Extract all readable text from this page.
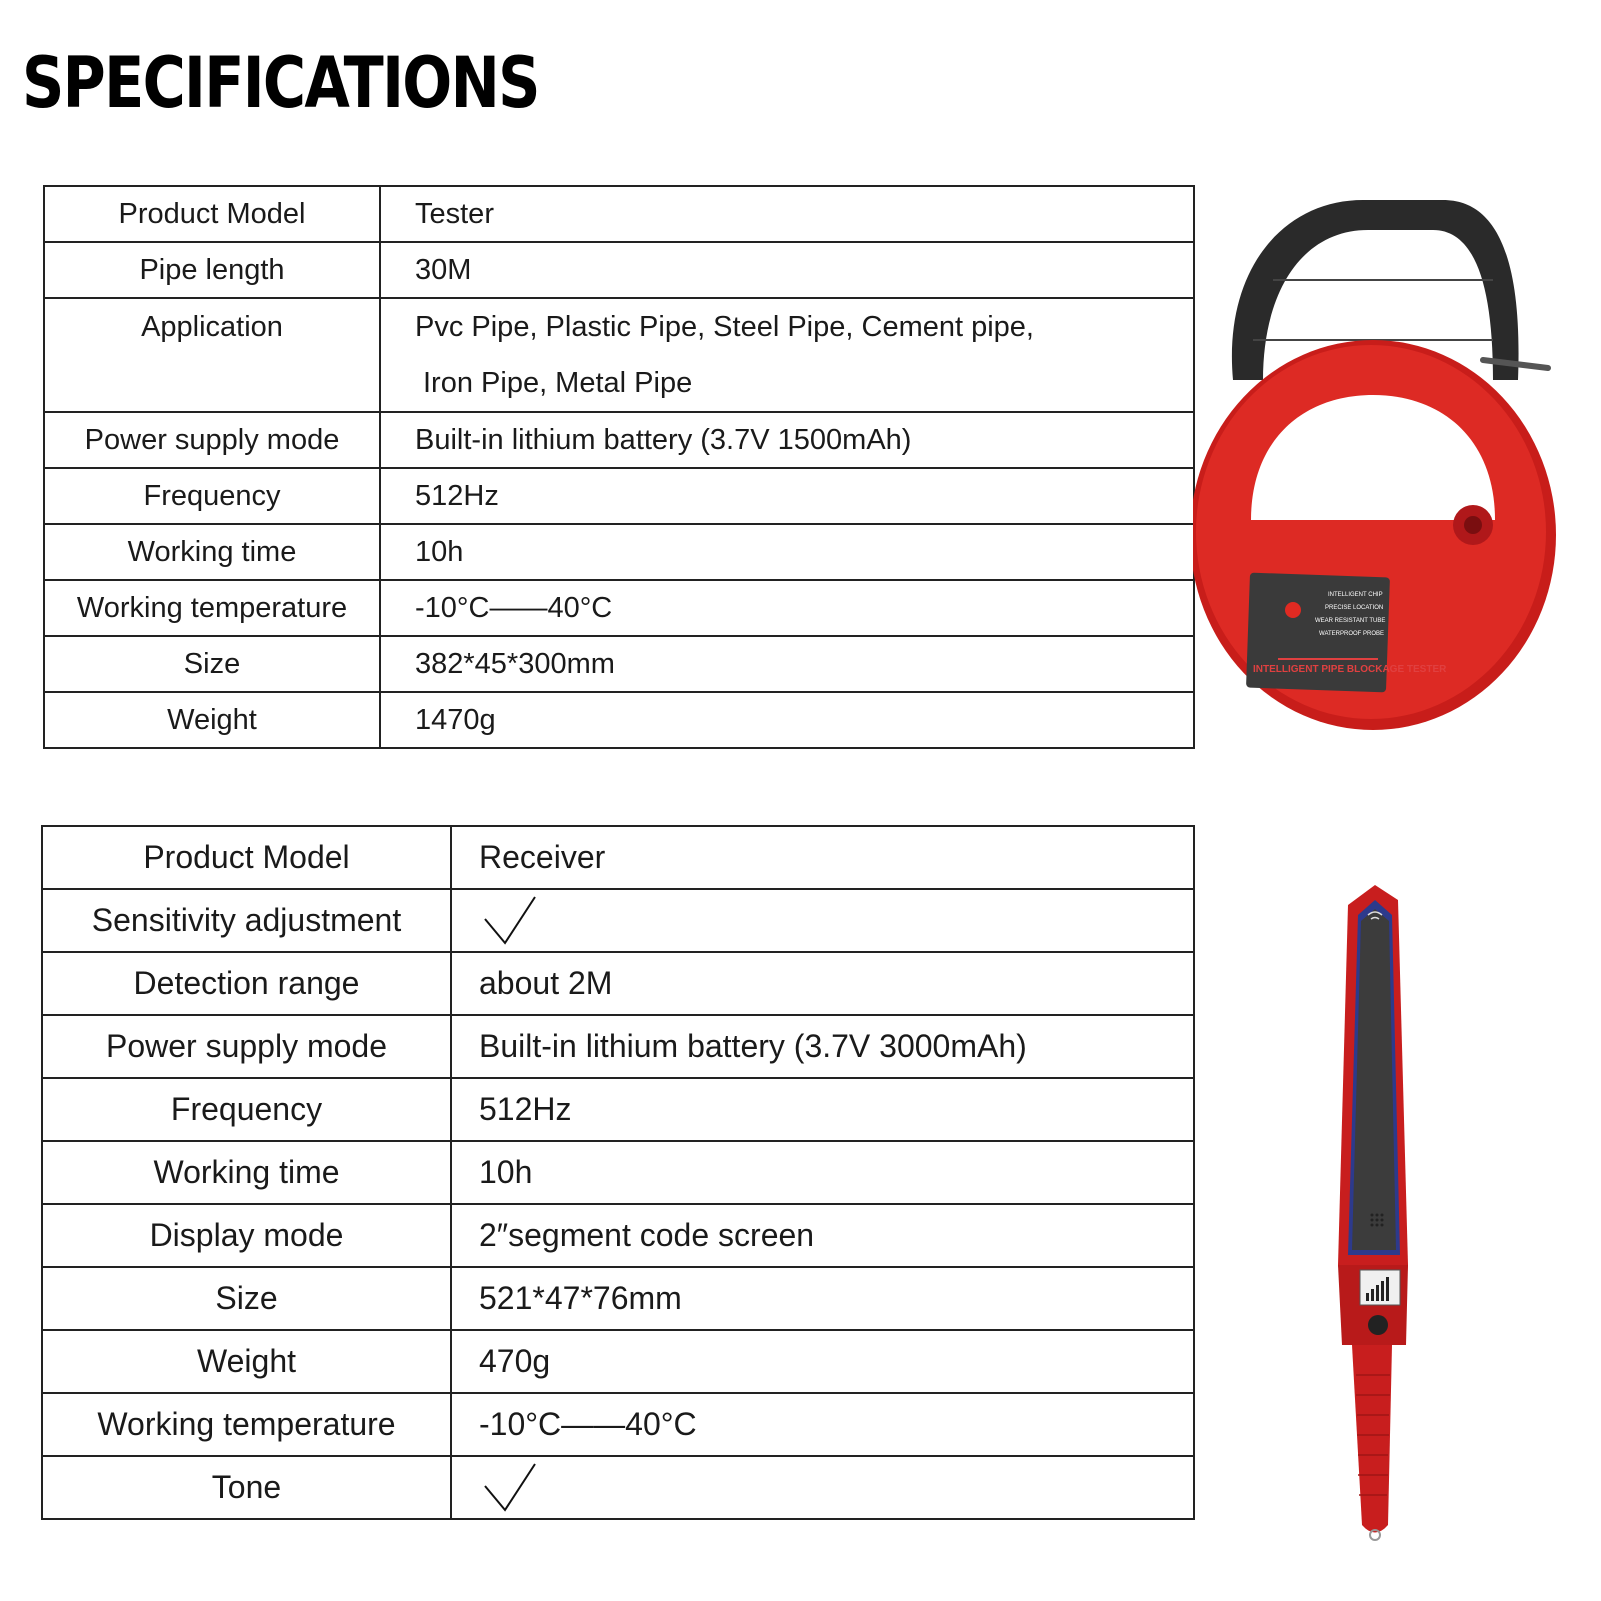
SPECIFICATIONS
Product Model	Tester
Pipe length	30M
Application	Pvc Pipe, Plastic Pipe, Steel Pipe, Cement pipe,
Iron Pipe, Metal Pipe

Power supply mode	Built-in lithium battery (3.7V 1500mAh)
Frequency	512Hz
Working time	10h
Working temperature	-10°C——40°C
Size	382*45*300mm
Weight	1470g
INTELLIGENT CHIP
PRECISE LOCATION
WEAR RESISTANT TUBE
WATERPROOF PROBE
INTELLIGENT PIPE BLOCKAGE TESTER
Product Model	Receiver
Sensitivity adjustment	

Detection range	about 2M
Power supply mode	Built-in lithium battery (3.7V 3000mAh)
Frequency	512Hz
Working time	10h
Display mode	2″segment code screen
Size	521*47*76mm
Weight	470g
Working temperature	-10°C——40°C
Tone	
